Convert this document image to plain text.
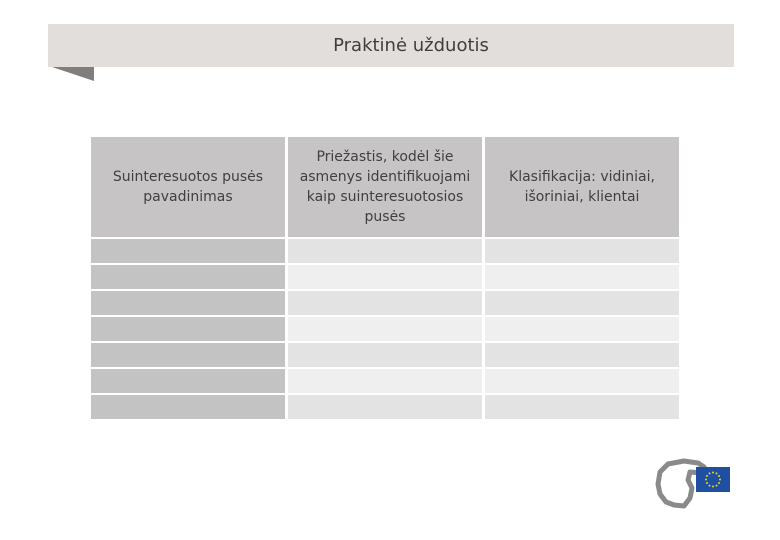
Praktinė užduotis
Suinteresuotos pusės pavadinimas	Priežastis, kodėl šie asmenys identifikuojami kaip suinteresuotosios pusės	Klasifikacija: vidiniai, išoriniai, klientai
